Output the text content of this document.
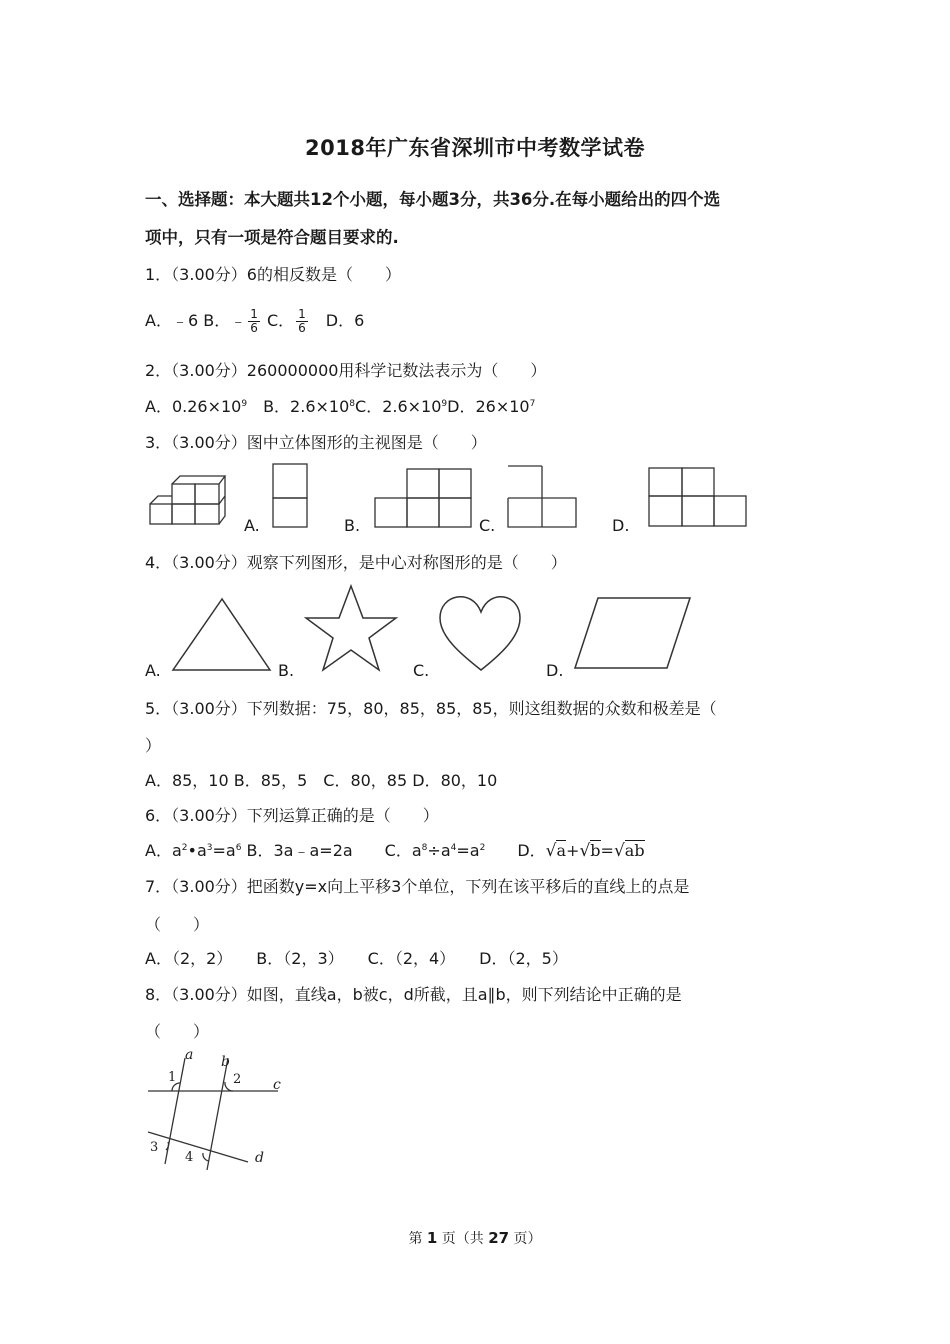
2018年广东省深圳市中考数学试卷
一、选择题：本大题共12个小题，每小题3分，共36分.在每小题给出的四个选
项中，只有一项是符合题目要求的.
1．（3.00分）6的相反数是（　　）
A．﹣6 B．﹣ $\frac{1}{6}$ C． $\frac{1}{6}$ 　D．6
2．（3.00分）260000000用科学记数法表示为（　　）
A．$0.26\times 10^9$　B．$2.6\times 10^8C$．$2.6\times 10^9D$．$26\times 10^7$
3．（3.00分）图中立体图形的主视图是（　　）
A.	B.	C.	D.
4．（3.00分）观察下列图形，是中心对称图形的是（　　）
A.	B.	C.	D.
5．（3.00分）下列数据：75，80，85，85，85，则这组数据的众数和极差是（
）
A．85，10 B．85，5　C．80，85 D．80，10
6．（3.00分）下列运算正确的是（　　）
A．$a^2•a^3=a^6$ B．3a﹣a=2a　　C．$a^8\div a^4=a^2$　　D．√a+√b=√ab
7．（3.00分）把函数y=x向上平移3个单位，下列在该平移后的直线上的点是
（　　）
A．（2，2）　　B．（2，3）　　C．（2，4）　　D．（2，5）
8．（3.00分）如图，直线a，b被c，d所截，且a∥b，则下列结论中正确的是
（　　）
a b
c
d
1	2
3
4
第 1 页（共 27 页）
